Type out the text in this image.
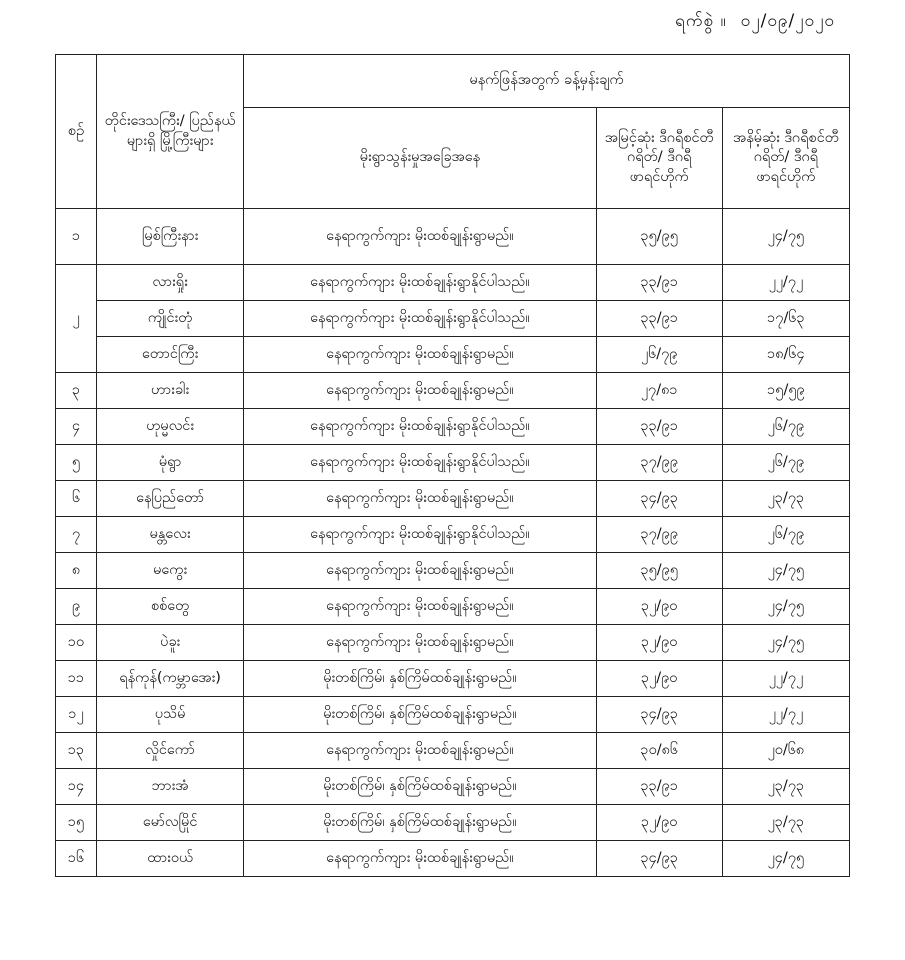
ရက်စွဲ ။ ၀၂/၀၉/၂၀၂၀
စဉ်	တိုင်းဒေသကြီး/ ပြည်နယ်များရှိ မြို့ကြီးများ	မနက်ဖြန်အတွက် ခန့်မှန်းချက်		
		မိုးရွာသွန်းမှုအခြေအနေ	အမြင့်ဆုံး ဒီဂရီစင်တီဂရိတ်/ ဒီဂရီဖာရင်ဟိုက်	အနိမ့်ဆုံး ဒီဂရီစင်တီဂရိတ်/ ဒီဂရီဖာရင်ဟိုက်
၁	မြစ်ကြီးနား	နေရာကွက်ကျား မိုးထစ်ချုန်းရွာမည်။	၃၅/၉၅	၂၄/၇၅
၂	လားရှိုး	နေရာကွက်ကျား မိုးထစ်ချုန်းရွာနိုင်ပါသည်။	၃၃/၉၁	၂၂/၇၂
	ကျိုင်းတုံ	နေရာကွက်ကျား မိုးထစ်ချုန်းရွာနိုင်ပါသည်။	၃၃/၉၁	၁၇/၆၃
	တောင်ကြီး	နေရာကွက်ကျား မိုးထစ်ချုန်းရွာမည်။	၂၆/၇၉	၁၈/၆၄
၃	ဟားခါး	နေရာကွက်ကျား မိုးထစ်ချုန်းရွာမည်။	၂၇/၈၁	၁၅/၅၉
၄	ဟုမ္မလင်း	နေရာကွက်ကျား မိုးထစ်ချုန်းရွာနိုင်ပါသည်။	၃၃/၉၁	၂၆/၇၉
၅	မုံရွာ	နေရာကွက်ကျား မိုးထစ်ချုန်းရွာနိုင်ပါသည်။	၃၇/၉၉	၂၆/၇၉
၆	နေပြည်တော်	နေရာကွက်ကျား မိုးထစ်ချုန်းရွာမည်။	၃၄/၉၃	၂၃/၇၃
၇	မန္တလေး	နေရာကွက်ကျား မိုးထစ်ချုန်းရွာနိုင်ပါသည်။	၃၇/၉၉	၂၆/၇၉
၈	မကွေး	နေရာကွက်ကျား မိုးထစ်ချုန်းရွာမည်။	၃၅/၉၅	၂၄/၇၅
၉	စစ်တွေ	နေရာကွက်ကျား မိုးထစ်ချုန်းရွာမည်။	၃၂/၉၀	၂၄/၇၅
၁၀	ပဲခူး	နေရာကွက်ကျား မိုးထစ်ချုန်းရွာမည်။	၃၂/၉၀	၂၄/၇၅
၁၁	ရန်ကုန်(ကမ္ဘာအေး)	မိုးတစ်ကြိမ်၊ နှစ်ကြိမ်ထစ်ချုန်းရွာမည်။	၃၂/၉၀	၂၂/၇၂
၁၂	ပုသိမ်	မိုးတစ်ကြိမ်၊ နှစ်ကြိမ်ထစ်ချုန်းရွာမည်။	၃၄/၉၃	၂၂/၇၂
၁၃	လှိုင်ကော်	နေရာကွက်ကျား မိုးထစ်ချုန်းရွာမည်။	၃၀/၈၆	၂၀/၆၈
၁၄	ဘားအံ	မိုးတစ်ကြိမ်၊ နှစ်ကြိမ်ထစ်ချုန်းရွာမည်။	၃၃/၉၁	၂၃/၇၃
၁၅	မော်လမြိုင်	မိုးတစ်ကြိမ်၊ နှစ်ကြိမ်ထစ်ချုန်းရွာမည်။	၃၂/၉၀	၂၃/၇၃
၁၆	ထားဝယ်	နေရာကွက်ကျား မိုးထစ်ချုန်းရွာမည်။	၃၄/၉၃	၂၄/၇၅
